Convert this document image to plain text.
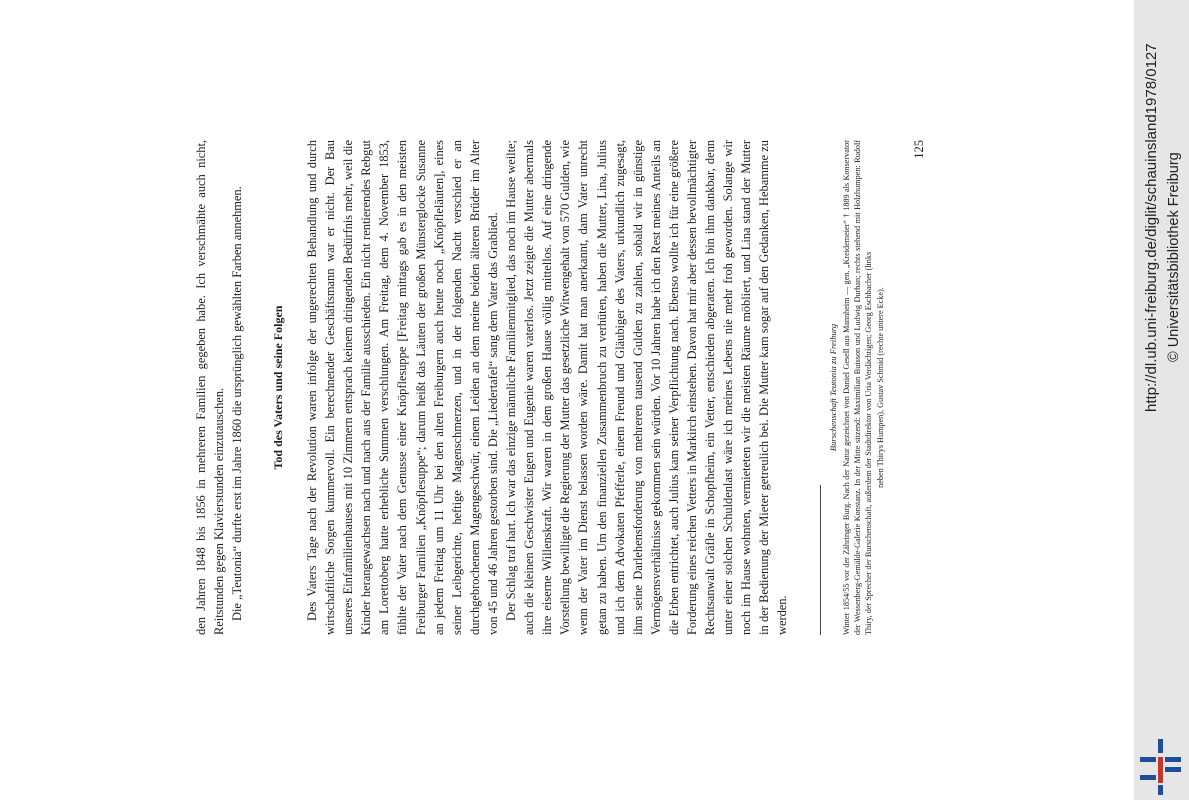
den Jahren 1848 bis 1856 in mehreren Familien gegeben habe. Ich verschmähte auch nicht, Reitstunden gegen Klavierstunden einzutauschen. Die „Teutonia“ durfte erst im Jahre 1860 die ursprünglich gewählten Farben annehmen. Tod des Vaters und seine Folgen Des Vaters Tage nach der Revolution waren infolge der ungerechten Behandlung und durch wirtschaftliche Sorgen kummervoll. Ein berechnender Geschäftsmann war er nicht. Der Bau unseres Einfamilienhauses mit 10 Zimmern entsprach keinem dringenden Bedürfnis mehr, weil die Kinder herangewachsen nach und nach aus der Familie ausschieden. Ein nicht rentierendes Rebgut am Lorettoberg hatte erhebliche Summen verschlungen. Am Freitag, dem 4. November 1853, fühlte der Vater nach dem Genusse einer Knöpflesuppe [Freitag mittags gab es in den meisten Freiburger Familien „Knöpflesuppe“; darum heißt das Läuten der großen Münsterglocke Susanne an jedem Freitag um 11 Uhr bei den alten Freiburgern auch heute noch „Knöpfleläuten], eines seiner Leibgerichte, heftige Magenschmerzen, und in der folgenden Nacht verschied er an durchgebrochenem Magengeschwür, einem Leiden an dem meine beiden älteren Brüder im Alter von 45 und 46 Jahren gestorben sind. Die „Liedertafel“ sang dem Vater das Grablied. Der Schlag traf hart. Ich war das einzige männliche Familienmitglied, das noch im Hause weilte; auch die kleinen Geschwister Eugen und Eugenie waren vaterlos. Jetzt zeigte die Mutter abermals ihre eiserne Willenskraft. Wir waren in dem großen Hause völlig mittellos. Auf eine dringende Vorstellung bewilligte die Regierung der Mutter das gesetzliche Witwengehalt von 570 Gulden, wie wenn der Vater im Dienst belassen worden wäre. Damit hat man anerkannt, dam Vater unrecht getan zu haben. Um den finanziellen Zusammenbruch zu verhüten, haben die Mutter, Lina, Julius und ich dem Advokaten Pfefferle, einem Freund und Gläubiger des Vaters, urkundlich zugesagt, ihm seine Darlehensforderung von mehreren tausend Gulden zu zahlen, sobald wir in günstige Vermögensverhältnisse gekommen sein würden. Vor 10 Jahren habe ich den Rest meines Anteils an die Erben entrichtet, auch Julius kam seiner Verpflichtung nach. Ebenso wollte ich für eine größere Forderung eines reichen Vetters in Markirch einstehen. Davon hat mir aber dessen bevollmächtigter Rechtsanwalt Gräfle in Schopfheim, ein Vetter, entschieden abgeraten. Ich bin ihm dankbar, denn unter einer solchen Schuldenlast wäre ich meines Lebens nie mehr froh geworden. Solange wir noch im Hause wohnten, vermieteten wir die meisten Räume möbliert, und Lina stand der Mutter in der Bedienung der Mieter getreulich bei. Die Mutter kam sogar auf den Gedanken, Hebamme zu werden.

Burschenschaft Teutonia zu Freiburg Winter 1854/55 vor der Zähringer Burg. Nach der Natur gezeichnet von Daniel Gesell aus Mannheim — gen. „Kreidemeier“ † 1889 als Konservator der Wessenberg-Gemälde-Galerie Konstanz. In der Mitte sitzend: Maximilian Buisson und Ludwig Durban; rechts stehend mit Holzhumpen: Rudolf Thiry, der Sprecher der Burschenschaft, außerdem der Stadtdirektor von Uria Verdächtigen; Georg Eschbacher (links neben Thirys Humpen), Gustav Schmid (rechte untere Ecke).
125	http://dl.ub.uni-freiburg.de/diglit/schauinsland1978/0127 © Universitätsbibliothek Freiburg
